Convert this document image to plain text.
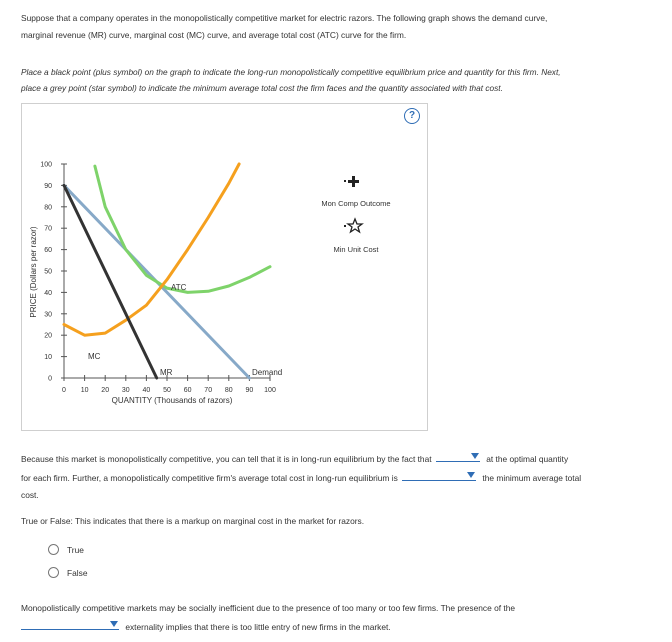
Suppose that a company operates in the monopolistically competitive market for electric razors. The following graph shows the demand curve,
marginal revenue (MR) curve, marginal cost (MC) curve, and average total cost (ATC) curve for the firm.
Place a black point (plus symbol) on the graph to indicate the long-run monopolistically competitive equilibrium price and quantity for this firm. Next,
place a grey point (star symbol) to indicate the minimum average total cost the firm faces and the quantity associated with that cost.
?
0
10
20
30
40
50
60
70
80
90
100
0 10 20 30 40 50 60 70 80 90 100
PRICE (Dollars per razor)
QUANTITY (Thousands of razors)
ATC
MC
MR	Demand
Mon Comp Outcome
Min Unit Cost
Because this market is monopolistically competitive, you can tell that it is in long-run equilibrium by the fact that	at the optimal quantity
for each firm. Further, a monopolistically competitive firm's average total cost in long-run equilibrium is	the minimum average total
cost.
True or False: This indicates that there is a markup on marginal cost in the market for razors.
True
False
Monopolistically competitive markets may be socially inefficient due to the presence of too many or too few firms. The presence of the
externality implies that there is too little entry of new firms in the market.
